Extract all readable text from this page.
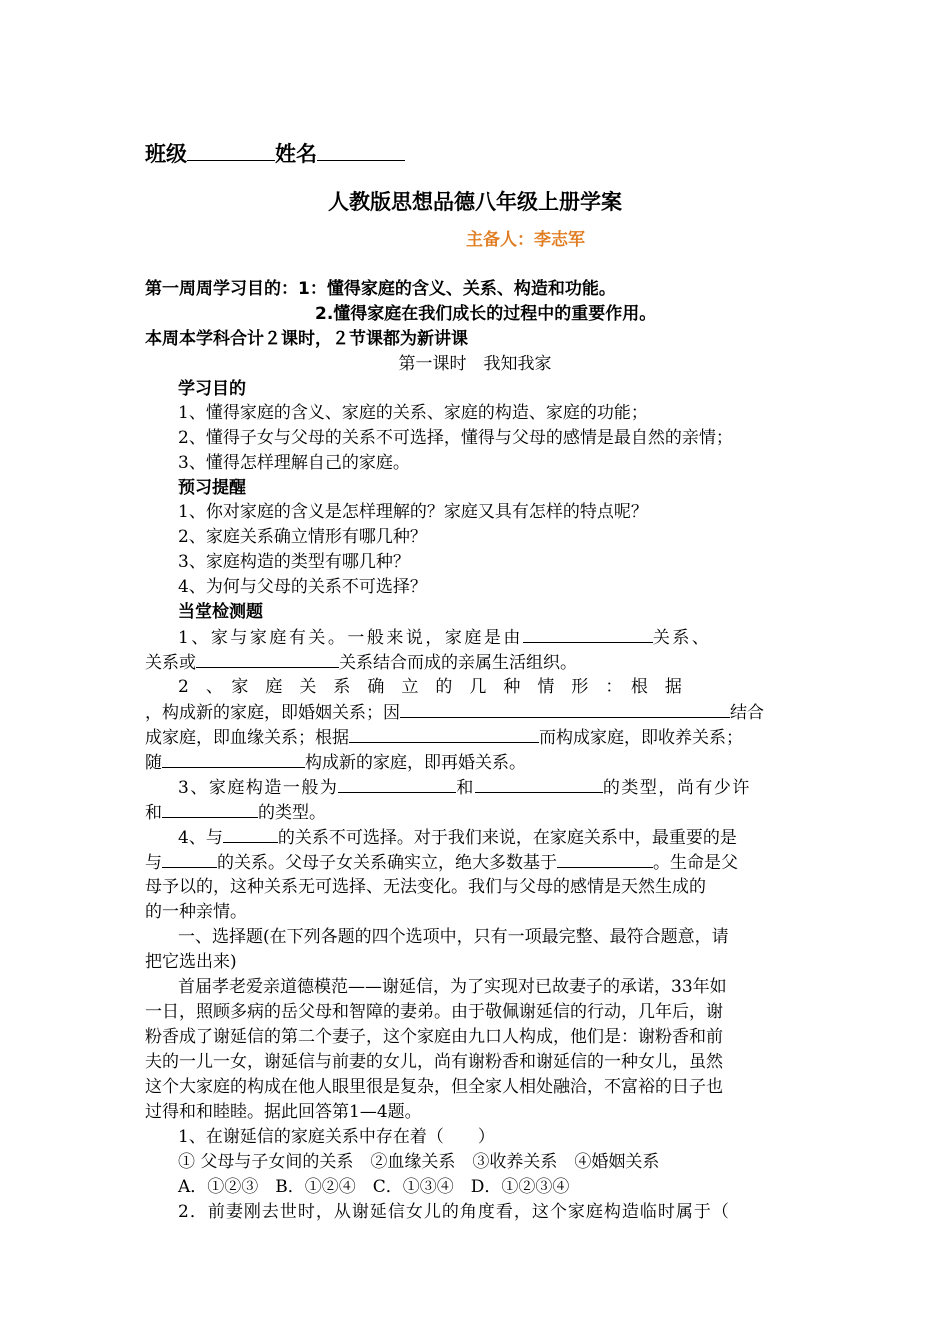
班级	姓名
人教版思想品德八年级上册学案
主备人：李志军
第一周周学习目的：1：懂得家庭的含义、关系、构造和功能。
2.懂得家庭在我们成长的过程中的重要作用。
本周本学科合计２课时，２节课都为新讲课
第一课时　我知我家
学习目的
1、懂得家庭的含义、家庭的关系、家庭的构造、家庭的功能；
2、懂得子女与父母的关系不可选择，懂得与父母的感情是最自然的亲情；
3、懂得怎样理解自己的家庭。
预习提醒
1、你对家庭的含义是怎样理解的？家庭又具有怎样的特点呢？
2、家庭关系确立情形有哪几种？
3、家庭构造的类型有哪几种？
4、为何与父母的关系不可选择？
当堂检测题
1、家与家庭有关。一般来说，家庭是由	关系、
关系或	关系结合而成的亲属生活组织。
2　、　家　庭　关　系　确　立　的　几　种　情　形　：　根　据
，构成新的家庭，即婚姻关系；因	结合
成家庭，即血缘关系；根据	而构成家庭，即收养关系；
随	构成新的家庭，即再婚关系。
3、家庭构造一般为	和	的类型，尚有少许
和	的类型。
4、与	的关系不可选择。对于我们来说，在家庭关系中，最重要的是
与	的关系。父母子女关系确实立，绝大多数基于	。生命是父
母予以的，这种关系无可选择、无法变化。我们与父母的感情是天然生成的
的一种亲情。
一、选择题(在下列各题的四个选项中，只有一项最完整、最符合题意，请
把它选出来)
首届孝老爱亲道德模范——谢延信，为了实现对已故妻子的承诺，33年如
一日，照顾多病的岳父母和智障的妻弟。由于敬佩谢延信的行动，几年后，谢
粉香成了谢延信的第二个妻子，这个家庭由九口人构成，他们是：谢粉香和前
夫的一儿一女，谢延信与前妻的女儿，尚有谢粉香和谢延信的一种女儿，虽然
这个大家庭的构成在他人眼里很是复杂，但全家人相处融洽，不富裕的日子也
过得和和睦睦。据此回答第1—4题。
1、在谢延信的家庭关系中存在着（　　）
① 父母与子女间的关系　②血缘关系　③收养关系　④婚姻关系
A．①②③　B．①②④　C．①③④　D．①②③④
2．前妻刚去世时，从谢延信女儿的角度看，这个家庭构造临时属于（
